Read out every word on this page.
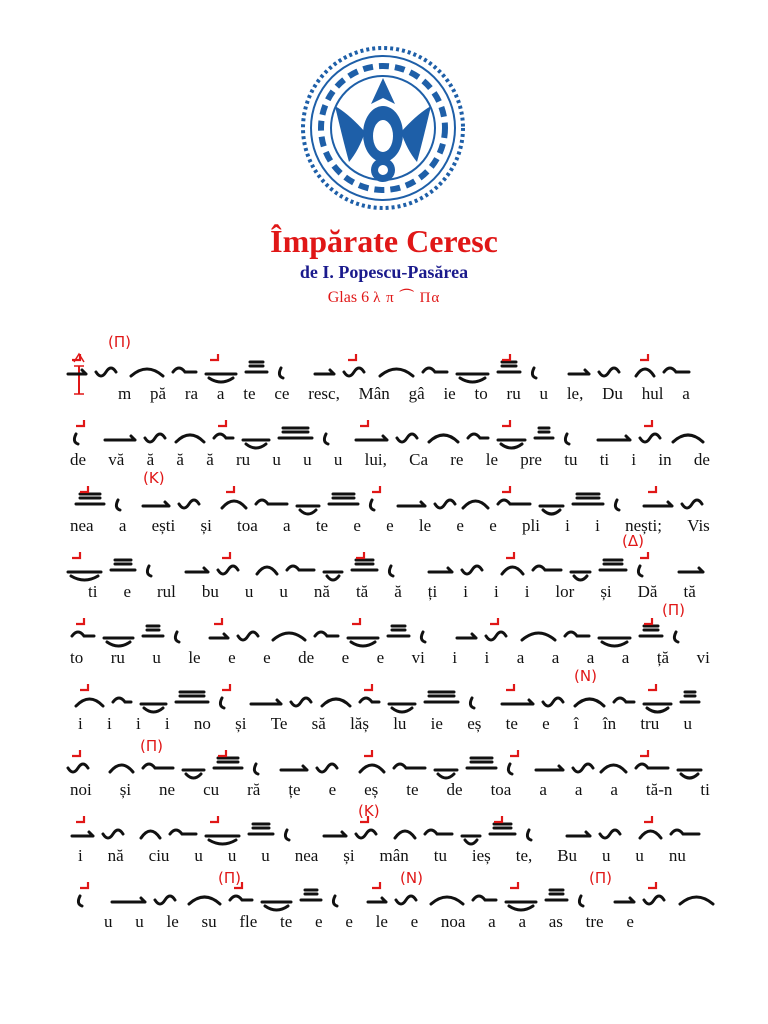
Împărate Ceresc
de I. Popescu-Pasărea
Glas 6 λ π ⏜ Πα
(Π)
(K)
(Δ)
(Π)
(N)
(Π)
(K)
(Π)	(N)	(Π)
m pă ra a te ce resc, Mân gâ ie to ru u le, Du hul a
de vă ă ă ă ru u u u lui, Ca re le pre tu ti i in de
nea a ești și toa a te e e le e e pli i i nești; Vis
ti e rul bu u u nă tă ă ți i i i lor și Dă tă
to ru u le e e de e e vi i i a a a a ță vi
i i i i no și Te să lăș lu ie eș te e î în tru u
noi și ne cu ră țe e eș te de toa a a a tă-n ti
i nă ciu u u u nea și mân tu ieș te, Bu u u nu
u u le su fle te e e le e noa a a as tre e
